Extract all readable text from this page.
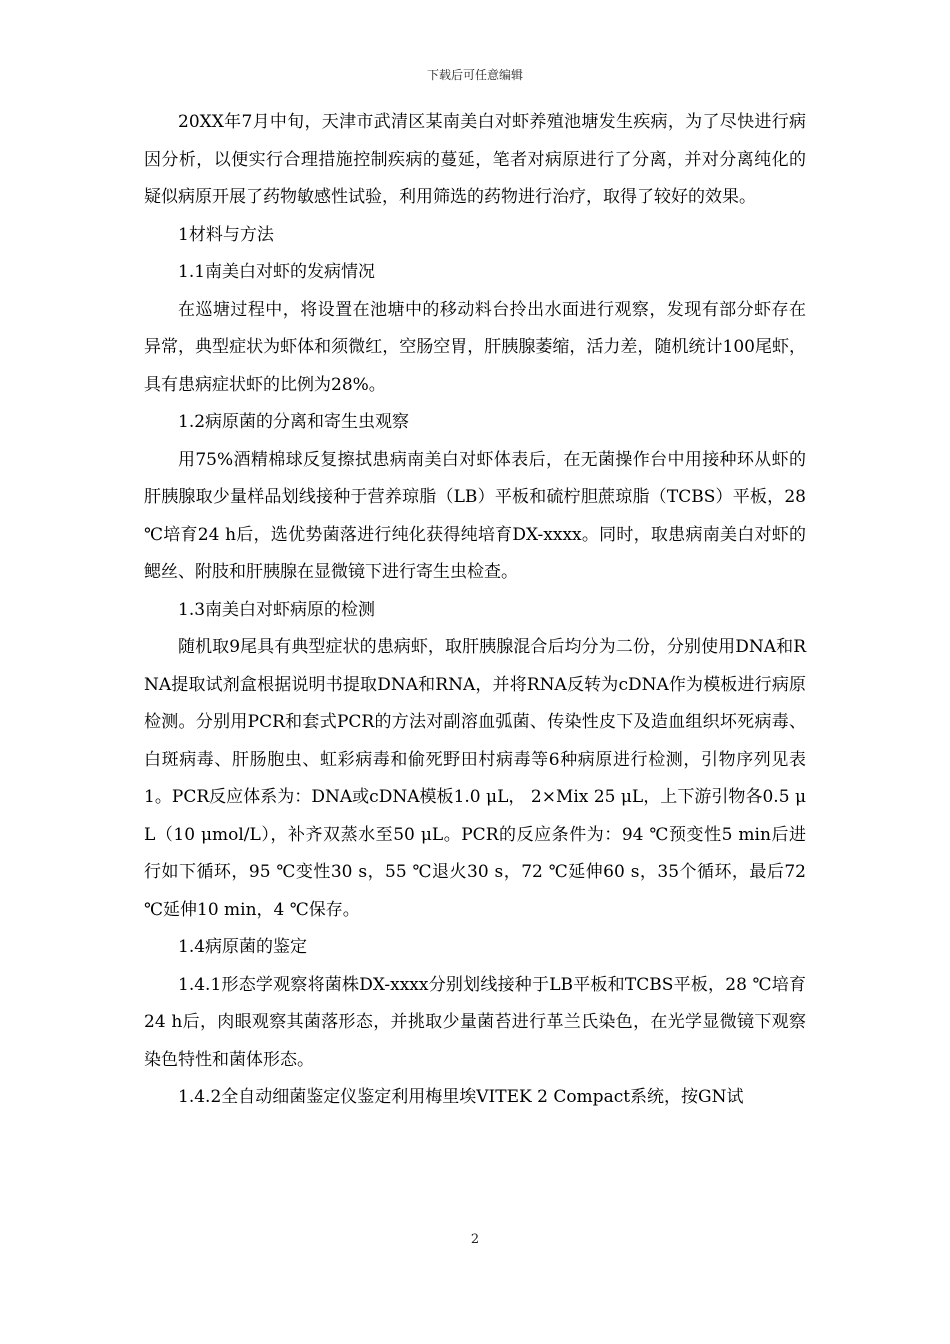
下载后可任意编辑

20XX年7月中旬，天津市武清区某南美白对虾养殖池塘发生疾病，为了尽快进行病因分析，以便实行合理措施控制疾病的蔓延，笔者对病原进行了分离，并对分离纯化的疑似病原开展了药物敏感性试验，利用筛选的药物进行治疗，取得了较好的效果。

1材料与方法

1.1南美白对虾的发病情况

在巡塘过程中，将设置在池塘中的移动料台拎出水面进行观察，发现有部分虾存在异常，典型症状为虾体和须微红，空肠空胃，肝胰腺萎缩，活力差，随机统计100尾虾，具有患病症状虾的比例为28%。

1.2病原菌的分离和寄生虫观察

用75%酒精棉球反复擦拭患病南美白对虾体表后，在无菌操作台中用接种环从虾的肝胰腺取少量样品划线接种于营养琼脂（LB）平板和硫柠胆蔗琼脂（TCBS）平板，28 ℃培育24 h后，选优势菌落进行纯化获得纯培育DX-xxxx。同时，取患病南美白对虾的鳃丝、附肢和肝胰腺在显微镜下进行寄生虫检查。

1.3南美白对虾病原的检测

随机取9尾具有典型症状的患病虾，取肝胰腺混合后均分为二份，分别使用DNA和RNA提取试剂盒根据说明书提取DNA和RNA，并将RNA反转为cDNA作为模板进行病原检测。分别用PCR和套式PCR的方法对副溶血弧菌、传染性皮下及造血组织坏死病毒、白斑病毒、肝肠胞虫、虹彩病毒和偷死野田村病毒等6种病原进行检测，引物序列见表1。PCR反应体系为：DNA或cDNA模板1.0 μL， 2×Mix 25 μL，上下游引物各0.5 μL（10 μmol/L），补齐双蒸水至50 μL。PCR的反应条件为：94 ℃预变性5 min后进行如下循环，95 ℃变性30 s，55 ℃退火30 s，72 ℃延伸60 s，35个循环，最后72 ℃延伸10 min，4 ℃保存。

1.4病原菌的鉴定

1.4.1形态学观察将菌株DX-xxxx分别划线接种于LB平板和TCBS平板，28 ℃培育24 h后，肉眼观察其菌落形态，并挑取少量菌苔进行革兰氏染色，在光学显微镜下观察染色特性和菌体形态。

1.4.2全自动细菌鉴定仪鉴定利用梅里埃VITEK 2 Compact系统，按GN试

2
